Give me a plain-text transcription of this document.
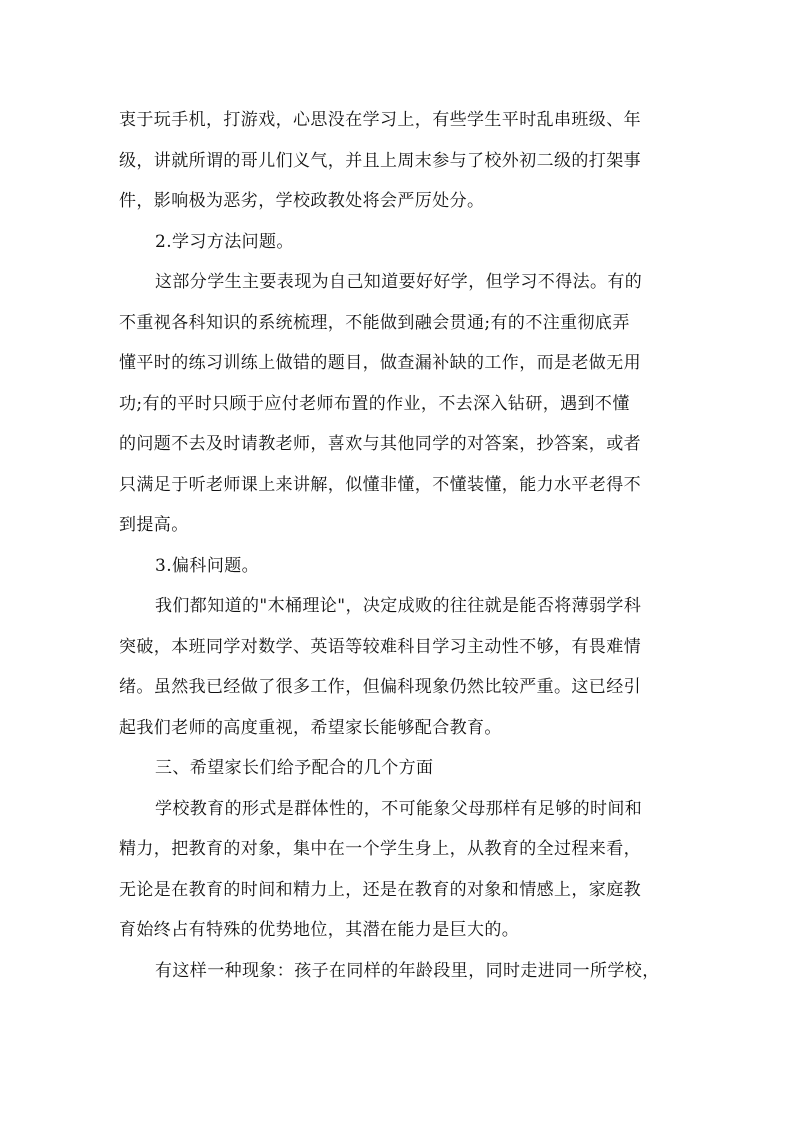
衷于玩手机，打游戏，心思没在学习上，有些学生平时乱串班级、年
级，讲就所谓的哥儿们义气，并且上周末参与了校外初二级的打架事
件，影响极为恶劣，学校政教处将会严厉处分。
2.学习方法问题。
这部分学生主要表现为自己知道要好好学，但学习不得法。有的
不重视各科知识的系统梳理，不能做到融会贯通;有的不注重彻底弄
懂平时的练习训练上做错的题目，做查漏补缺的工作，而是老做无用
功;有的平时只顾于应付老师布置的作业，不去深入钻研，遇到不懂
的问题不去及时请教老师，喜欢与其他同学的对答案，抄答案，或者
只满足于听老师课上来讲解，似懂非懂，不懂装懂，能力水平老得不
到提高。
3.偏科问题。
我们都知道的"木桶理论"，决定成败的往往就是能否将薄弱学科
突破，本班同学对数学、英语等较难科目学习主动性不够，有畏难情
绪。虽然我已经做了很多工作，但偏科现象仍然比较严重。这已经引
起我们老师的高度重视，希望家长能够配合教育。
三、希望家长们给予配合的几个方面
学校教育的形式是群体性的，不可能象父母那样有足够的时间和
精力，把教育的对象，集中在一个学生身上，从教育的全过程来看，
无论是在教育的时间和精力上，还是在教育的对象和情感上，家庭教
育始终占有特殊的优势地位，其潜在能力是巨大的。
有这样一种现象：孩子在同样的年龄段里，同时走进同一所学校，
